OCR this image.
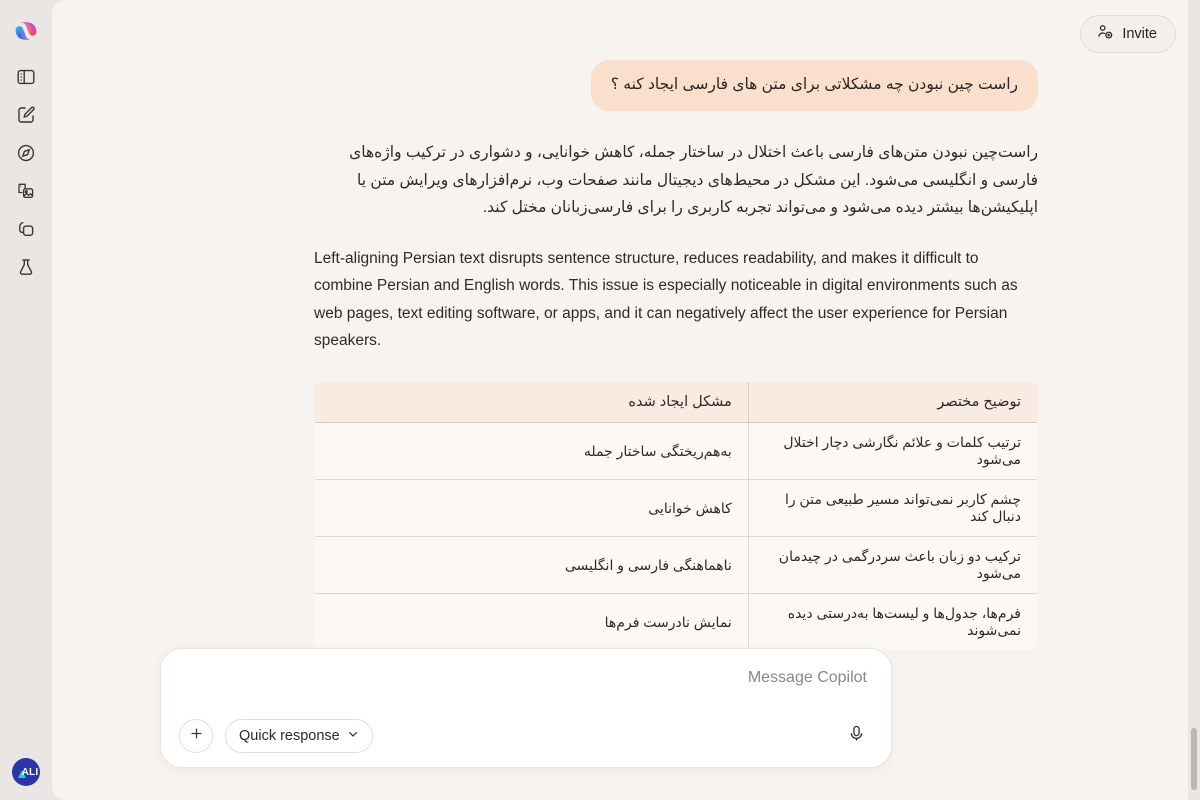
ALI
Invite
راست چین نبودن چه مشکلاتی برای متن های فارسی ایجاد کنه ؟

راست‌چین نبودن متن‌های فارسی باعث اختلال در ساختار جمله، کاهش خوانایی، و دشواری در ترکیب واژه‌های فارسی و انگلیسی می‌شود. این مشکل در محیط‌های دیجیتال مانند صفحات وب، نرم‌افزارهای ویرایش متن یا اپلیکیشن‌ها بیشتر دیده می‌شود و می‌تواند تجربه کاربری را برای فارسی‌زبانان مختل کند.

Left-aligning Persian text disrupts sentence structure, reduces readability, and makes it difficult to combine Persian and English words. This issue is especially noticeable in digital environments such as web pages, text editing software, or apps, and it can negatively affect the user experience for Persian speakers.

توضیح مختصر	مشکل ایجاد شده
ترتیب کلمات و علائم نگارشی دچار اختلال می‌شود	به‌هم‌ریختگی ساختار جمله
چشم کاربر نمی‌تواند مسیر طبیعی متن را دنبال کند	کاهش خوانایی
ترکیب دو زبان باعث سردرگمی در چیدمان می‌شود	ناهماهنگی فارسی و انگلیسی
فرم‌ها، جدول‌ها و لیست‌ها به‌درستی دیده نمی‌شوند	نمایش نادرست فرم‌ها
Message Copilot
Quick response
